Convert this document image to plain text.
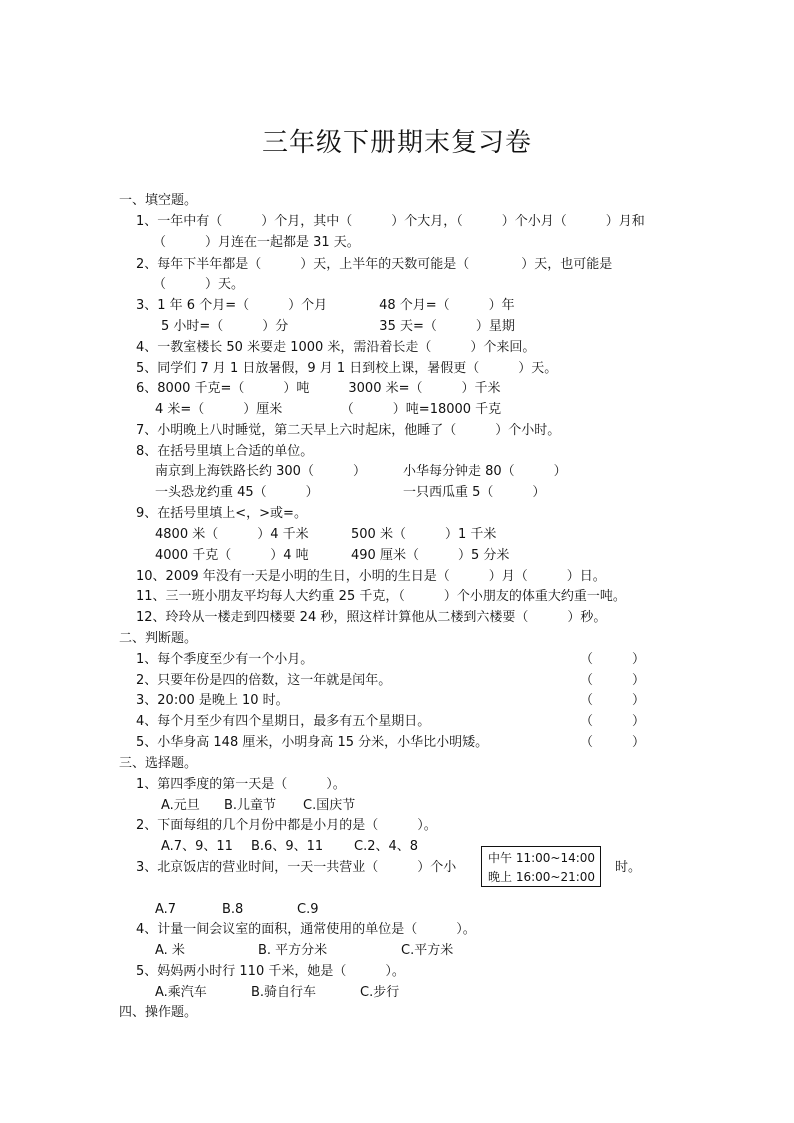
三年级下册期末复习卷
一、填空题。
1、一年中有（　　　）个月，其中（　　　）个大月，（　　　）个小月（　　　）月和
（　　　）月连在一起都是 31 天。
2、每年下半年都是（　　　）天，上半年的天数可能是（　　　　）天，也可能是
（　　　）天。
3、1 年 6 个月=（　　　）个月　　　　48 个月=（　　　）年
5 小时=（　　　）分　　　　　　　35 天=（　　　）星期
4、一教室楼长 50 米要走 1000 米，需沿着长走（　　　）个来回。
5、同学们 7 月 1 日放暑假，9 月 1 日到校上课，暑假更（　　　）天。
6、8000 千克=（　　　）吨　　　3000 米=（　　　）千米
4 米=（　　　）厘米　　　　　（　　　）吨=18000 千克
7、小明晚上八时睡觉，第二天早上六时起床，他睡了（　　　）个小时。
8、在括号里填上合适的单位。
南京到上海铁路长约 300（　　　）	小华每分钟走 80（　　　）
一头恐龙约重 45（　　　）	一只西瓜重 5（　　　）
9、在括号里填上<，>或=。
4800 米（　　　）4 千米	500 米（　　　）1 千米
4000 千克（　　　）4 吨	490 厘米（　　　）5 分米
10、2009 年没有一天是小明的生日，小明的生日是（　　　）月（　　　）日。
11、三一班小朋友平均每人大约重 25 千克，（　　　）个小朋友的体重大约重一吨。
12、玲玲从一楼走到四楼要 24 秒，照这样计算他从二楼到六楼要（　　　）秒。
二、判断题。
1、每个季度至少有一个小月。	（　　　）
2、只要年份是四的倍数，这一年就是闰年。	（　　　）
3、20:00 是晚上 10 时。	（　　　）
4、每个月至少有四个星期日，最多有五个星期日。	（　　　）
5、小华身高 148 厘米，小明身高 15 分米，小华比小明矮。	（　　　）
三、选择题。
1、第四季度的第一天是（　　　）。
A.元旦 B.儿童节 C.国庆节
2、下面每组的几个月份中都是小月的是（　　　）。
A.7、9、11 B.6、9、11 C.2、4、8
3、北京饭店的营业时间，一天一共营业（　　　）个小
中午 11:00~14:00
晚上 16:00~21:00
时。
A.7	B.8	C.9
4、计量一间会议室的面积，通常使用的单位是（　　　）。
A. 米	B. 平方分米	C.平方米
5、妈妈两小时行 110 千米，她是（　　　）。
A.乘汽车	B.骑自行车	C.步行
四、操作题。
